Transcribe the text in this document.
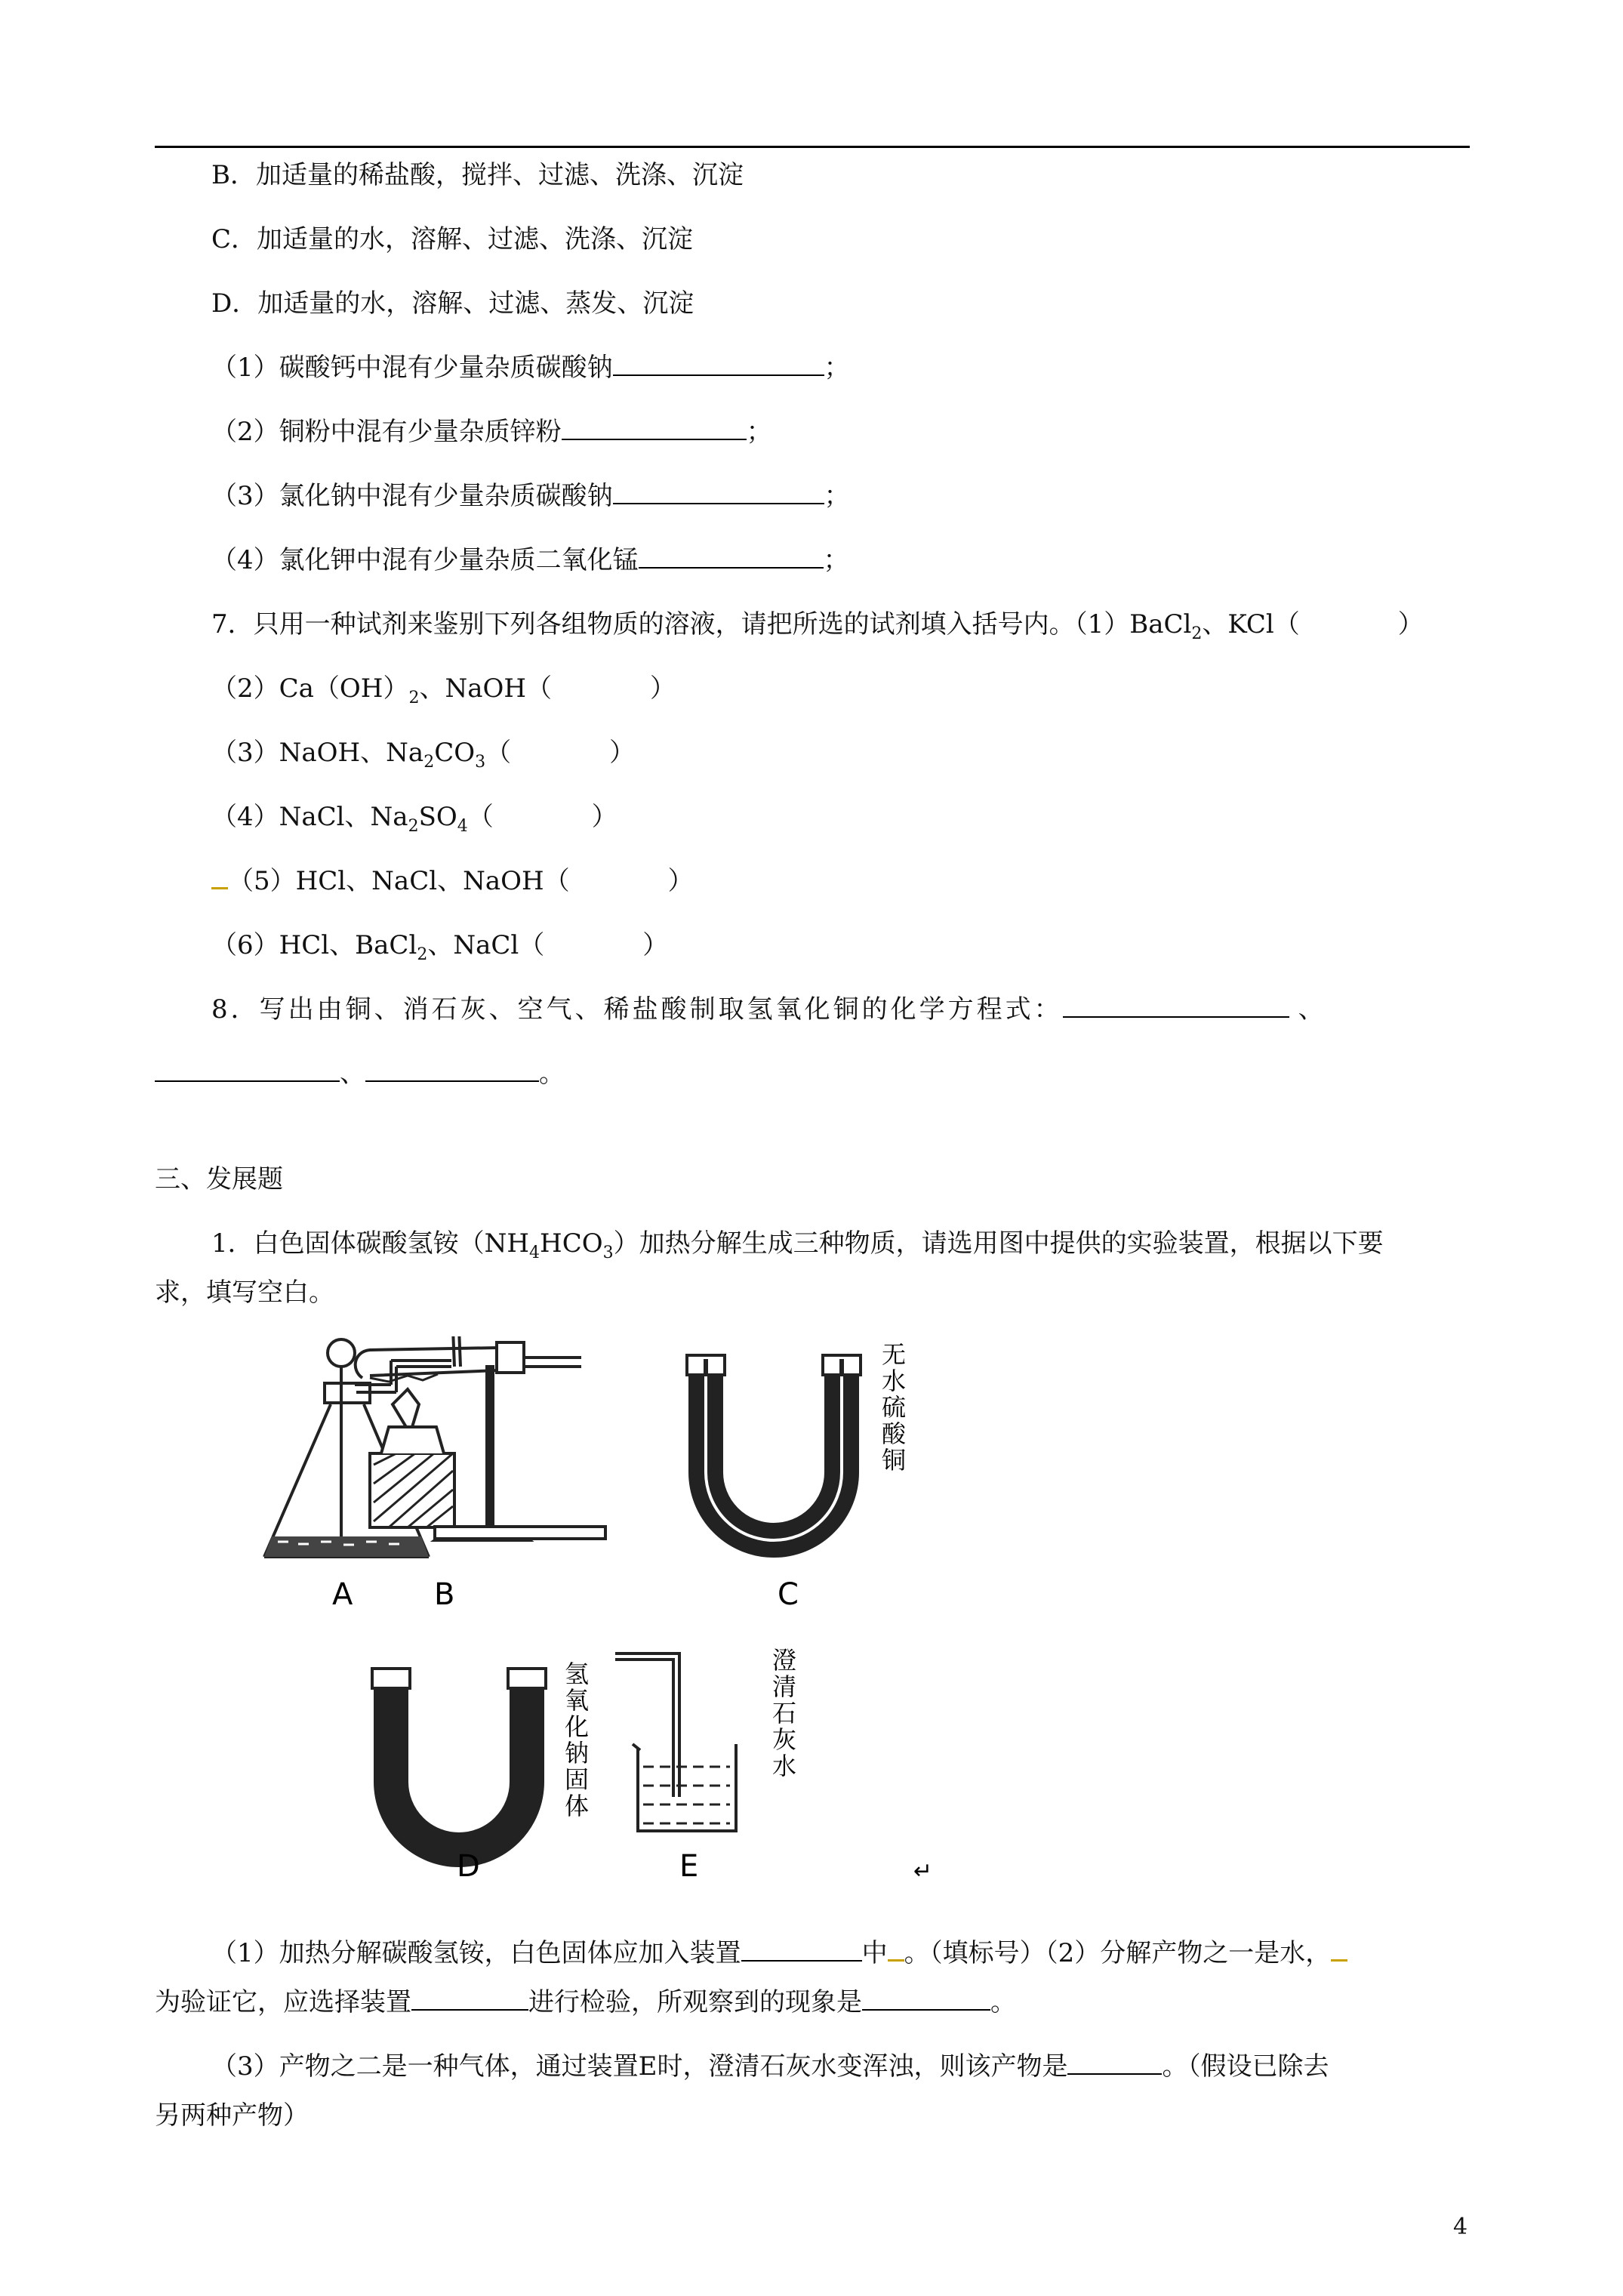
B．加适量的稀盐酸，搅拌、过滤、洗涤、沉淀
C．加适量的水，溶解、过滤、洗涤、沉淀
D．加适量的水，溶解、过滤、蒸发、沉淀
（1）碳酸钙中混有少量杂质碳酸钠	；
（2）铜粉中混有少量杂质锌粉	；
（3）氯化钠中混有少量杂质碳酸钠	；
（4）氯化钾中混有少量杂质二氧化锰	；
7．只用一种试剂来鉴别下列各组物质的溶液，请把所选的试剂填入括号内。（1）BaCl$_2$、KCl（	）
$(2)Ca(OH)_2$、NaOH（	）
（3）NaOH、$Na_2CO_3$（	）
（4）NaCl、$Na_2SO_4$（	）
（5）HCl、NaCl、NaOH（	）
（6）HCl、BaCl$_2$、NaCl（	）
8．写出由铜、消石灰、空气、稀盐酸制取氢氧化铜的化学方程式：	、
、	。
三、发展题
1．白色固体碳酸氢铵$(NH_4HCO_3)$加热分解生成三种物质，请选用图中提供的实验装置，根据以下要
求，填写空白。
A	B
无
水
硫
酸
铜
C
氢
氧
化
钠
固
体
D
澄
清
石
灰
水
E	↵
（1）加热分解碳酸氢铵，白色固体应加入装置	中 。（填标号）（2）分解产物之一是水，
为验证它，应选择装置	进行检验，所观察到的现象是	。
（3）产物之二是一种气体，通过装置E时，澄清石灰水变浑浊，则该产物是	。（假设已除去
另两种产物）
4
